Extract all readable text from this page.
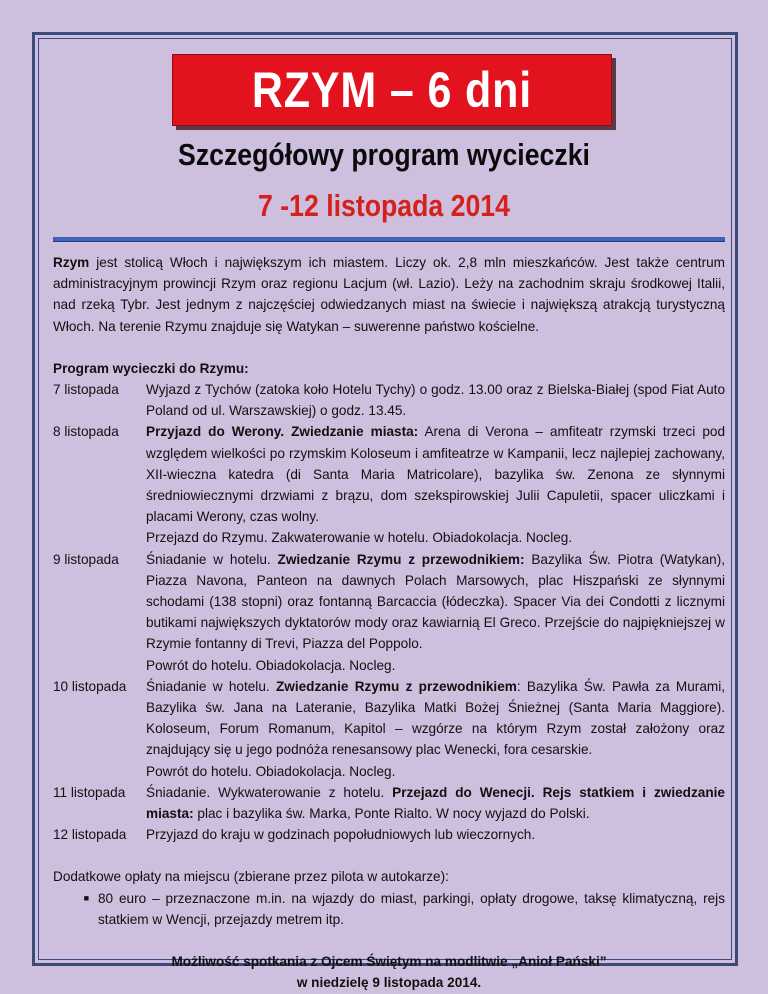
RZYM – 6 dni
Szczegółowy program wycieczki
7 -12 listopada 2014

Rzym jest stolicą Włoch i największym ich miastem. Liczy ok. 2,8 mln mieszkańców. Jest także centrum administracyjnym prowincji Rzym oraz regionu Lacjum (wł. Lazio). Leży na zachodnim skraju środkowej Italii, nad rzeką Tybr. Jest jednym z najczęściej odwiedzanych miast na świecie i największą atrakcją turystyczną Włoch. Na terenie Rzymu znajduje się Watykan – suwerenne państwo kościelne.

Program wycieczki do Rzymu:
7 listopada	Wyjazd z Tychów (zatoka koło Hotelu Tychy) o godz. 13.00 oraz z Bielska-Białej (spod Fiat Auto Poland od ul. Warszawskiej) o godz. 13.45.

8 listopada	Przyjazd do Werony. Zwiedzanie miasta: Arena di Verona – amfiteatr rzymski trzeci pod względem wielkości po rzymskim Koloseum i amfiteatrze w Kampanii, lecz najlepiej zachowany, XII-wieczna katedra (di Santa Maria Matricolare), bazylika św. Zenona ze słynnymi średniowiecznymi drzwiami z brązu, dom szekspirowskiej Julii Capuletii, spacer uliczkami i placami Werony, czas wolny.

Przejazd do Rzymu. Zakwaterowanie w hotelu. Obiadokolacja. Nocleg.

9 listopada	Śniadanie w hotelu. Zwiedzanie Rzymu z przewodnikiem: Bazylika Św. Piotra (Watykan), Piazza Navona, Panteon na dawnych Polach Marsowych, plac Hiszpański ze słynnymi schodami (138 stopni) oraz fontanną Barcaccia (łódeczka). Spacer Via dei Condotti z licznymi butikami największych dyktatorów mody oraz kawiarnią El Greco. Przejście do najpiękniejszej w Rzymie fontanny di Trevi, Piazza del Poppolo.

Powrót do hotelu. Obiadokolacja. Nocleg.

10 listopada	Śniadanie w hotelu. Zwiedzanie Rzymu z przewodnikiem: Bazylika Św. Pawła za Murami, Bazylika św. Jana na Lateranie, Bazylika Matki Bożej Śnieżnej (Santa Maria Maggiore). Koloseum, Forum Romanum, Kapitol – wzgórze na którym Rzym został założony oraz znajdujący się u jego podnóża renesansowy plac Wenecki, fora cesarskie.

Powrót do hotelu. Obiadokolacja. Nocleg.

11 listopada	Śniadanie. Wykwaterowanie z hotelu. Przejazd do Wenecji. Rejs statkiem i zwiedzanie miasta: plac i bazylika św. Marka, Ponte Rialto. W nocy wyjazd do Polski.

12 listopada	Przyjazd do kraju w godzinach popołudniowych lub wieczornych.

Dodatkowe opłaty na miejscu (zbierane przez pilota w autokarze):
■ 80 euro – przeznaczone m.in. na wjazdy do miast, parkingi, opłaty drogowe, taksę klimatyczną, rejs statkiem w Wencji, przejazdy metrem itp.
Możliwość spotkania z Ojcem Świętym na modlitwie „Anioł Pański”
w niedzielę 9 listopada 2014.
